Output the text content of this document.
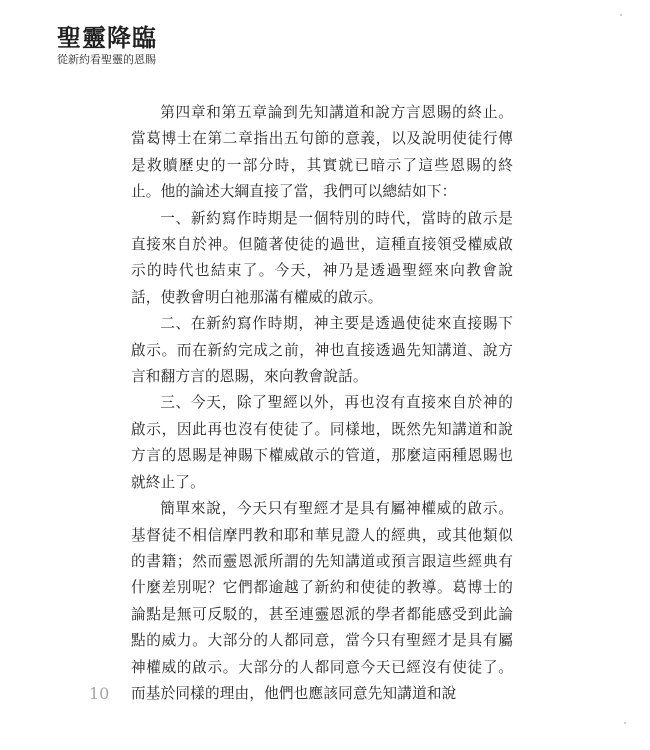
聖靈降臨
從新約看聖靈的恩賜

第四章和第五章論到先知講道和說方言恩賜的終止。當葛博士在第二章指出五句節的意義，以及說明使徒行傳是救贖歷史的一部分時，其實就已暗示了這些恩賜的終止。他的論述大綱直接了當，我們可以總結如下：

一、新約寫作時期是一個特別的時代，當時的啟示是直接來自於神。但隨著使徒的過世，這種直接領受權威啟示的時代也結束了。今天，神乃是透過聖經來向教會說話，使教會明白祂那滿有權威的啟示。

二、在新約寫作時期，神主要是透過使徒來直接賜下啟示。而在新約完成之前，神也直接透過先知講道、說方言和翻方言的恩賜，來向教會說話。

三、今天，除了聖經以外，再也沒有直接來自於神的啟示，因此再也沒有使徒了。同樣地，既然先知講道和說方言的恩賜是神賜下權威啟示的管道，那麼這兩種恩賜也就終止了。

簡單來說，今天只有聖經才是具有屬神權威的啟示。基督徒不相信摩門教和耶和華見證人的經典，或其他類似的書籍；然而靈恩派所謂的先知講道或預言跟這些經典有什麼差別呢？它們都逾越了新約和使徒的教導。葛博士的論點是無可反駁的，甚至連靈恩派的學者都能感受到此論點的威力。大部分的人都同意，當今只有聖經才是具有屬神權威的啟示。大部分的人都同意今天已經沒有使徒了。而基於同樣的理由，他們也應該同意先知講道和說

10
